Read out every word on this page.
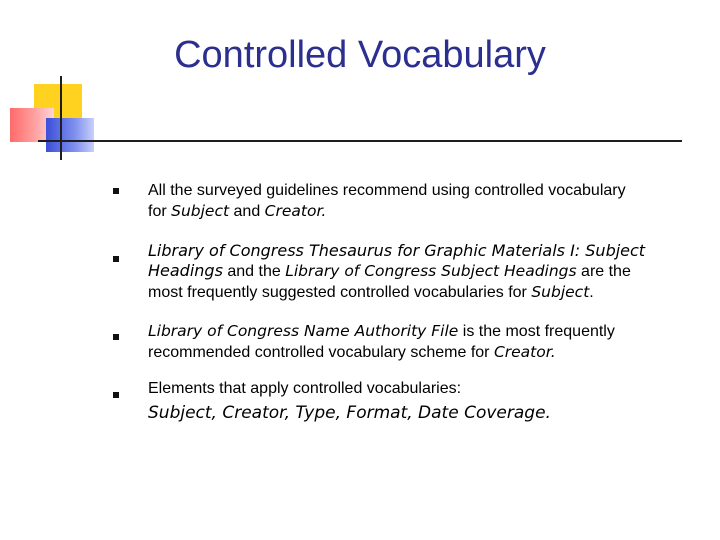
Controlled Vocabulary
All the surveyed guidelines recommend using controlled vocabulary
for Subject and Creator.
Library of Congress Thesaurus for Graphic Materials I: Subject
Headings and the Library of Congress Subject Headings are the
most frequently suggested controlled vocabularies for Subject.
Library of Congress Name Authority File is the most frequently
recommended controlled vocabulary scheme for Creator.
Elements that apply controlled vocabularies:
Subject, Creator, Type, Format, Date Coverage.
